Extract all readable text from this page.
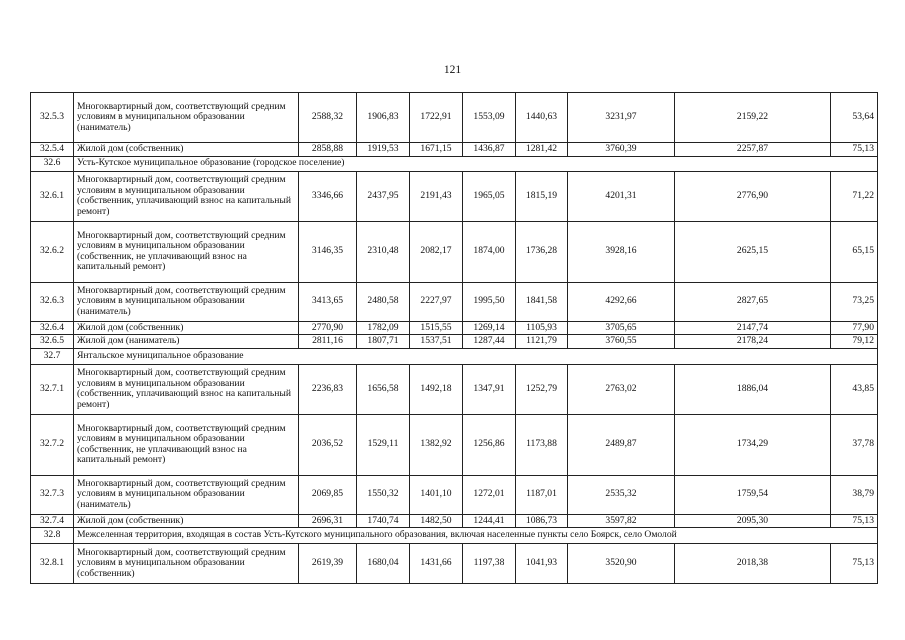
121
32.5.3	Многоквартирный дом, соответствующий средним условиям в муниципальном образовании (наниматель)	2588,32	1906,83	1722,91	1553,09	1440,63	3231,97	2159,22	53,64
32.5.4	Жилой дом (собственник)	2858,88	1919,53	1671,15	1436,87	1281,42	3760,39	2257,87	75,13
32.6	Усть-Кутское муниципальное образование (городское поселение)								
32.6.1	Многоквартирный дом, соответствующий средним условиям в муниципальном образовании (собственник, уплачивающий взнос на капитальный ремонт)	3346,66	2437,95	2191,43	1965,05	1815,19	4201,31	2776,90	71,22
32.6.2	Многоквартирный дом, соответствующий средним условиям в муниципальном образовании (собственник, не уплачивающий взнос на капитальный ремонт)	3146,35	2310,48	2082,17	1874,00	1736,28	3928,16	2625,15	65,15
32.6.3	Многоквартирный дом, соответствующий средним условиям в муниципальном образовании (наниматель)	3413,65	2480,58	2227,97	1995,50	1841,58	4292,66	2827,65	73,25
32.6.4	Жилой дом (собственник)	2770,90	1782,09	1515,55	1269,14	1105,93	3705,65	2147,74	77,90
32.6.5	Жилой дом (наниматель)	2811,16	1807,71	1537,51	1287,44	1121,79	3760,55	2178,24	79,12
32.7	Янтальское муниципальное образование								
32.7.1	Многоквартирный дом, соответствующий средним условиям в муниципальном образовании (собственник, уплачивающий взнос на капитальный ремонт)	2236,83	1656,58	1492,18	1347,91	1252,79	2763,02	1886,04	43,85
32.7.2	Многоквартирный дом, соответствующий средним условиям в муниципальном образовании (собственник, не уплачивающий взнос на капитальный ремонт)	2036,52	1529,11	1382,92	1256,86	1173,88	2489,87	1734,29	37,78
32.7.3	Многоквартирный дом, соответствующий средним условиям в муниципальном образовании (наниматель)	2069,85	1550,32	1401,10	1272,01	1187,01	2535,32	1759,54	38,79
32.7.4	Жилой дом (собственник)	2696,31	1740,74	1482,50	1244,41	1086,73	3597,82	2095,30	75,13
32.8	Межселенная территория, входящая в состав Усть-Кутского муниципального образования, включая населенные пункты село Боярск, село Омолой								
32.8.1	Многоквартирный дом, соответствующий средним условиям в муниципальном образовании (собственник)	2619,39	1680,04	1431,66	1197,38	1041,93	3520,90	2018,38	75,13
